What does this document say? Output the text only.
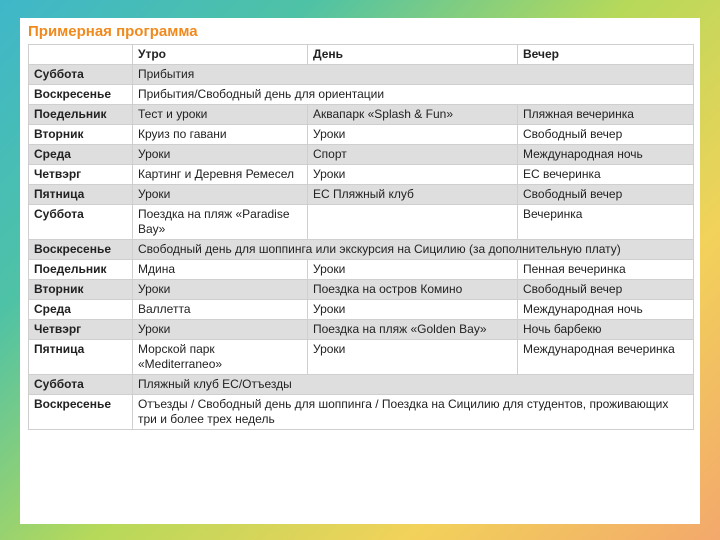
Примерная программа
	Утро	День	Вечер
Суббота	Прибытия		
Воскресенье	Прибытия/Свободный день для ориентации		
Поедельник	Тест и уроки	Аквапарк «Splash & Fun»	Пляжная вечеринка
Вторник	Круиз по гавани	Уроки	Свободный вечер
Среда	Уроки	Спорт	Международная ночь
Четвэрг	Картинг и Деревня Ремесел	Уроки	ЕС вечеринка
Пятница	Уроки	ЕС Пляжный клуб	Свободный вечер
Суббота	Поездка на пляж «Paradise Bay»		Вечеринка
Воскресенье	Свободный день для шоппинга или экскурсия на Сицилию (за дополнительную плату)		
Поедельник	Мдина	Уроки	Пенная вечеринка
Вторник	Уроки	Поездка на остров Комино	Свободный вечер
Среда	Валлетта	Уроки	Международная ночь
Четвэрг	Уроки	Поездка на пляж «Golden Bay»	Ночь барбекю
Пятница	Морской парк «Mediterraneo»	Уроки	Международная вечеринка
Суббота	Пляжный клуб ЕС/Отъезды		
Воскресенье	Отъезды / Свободный день для шоппинга / Поездка на Сицилию для студентов, проживающих три и более трех недель		
